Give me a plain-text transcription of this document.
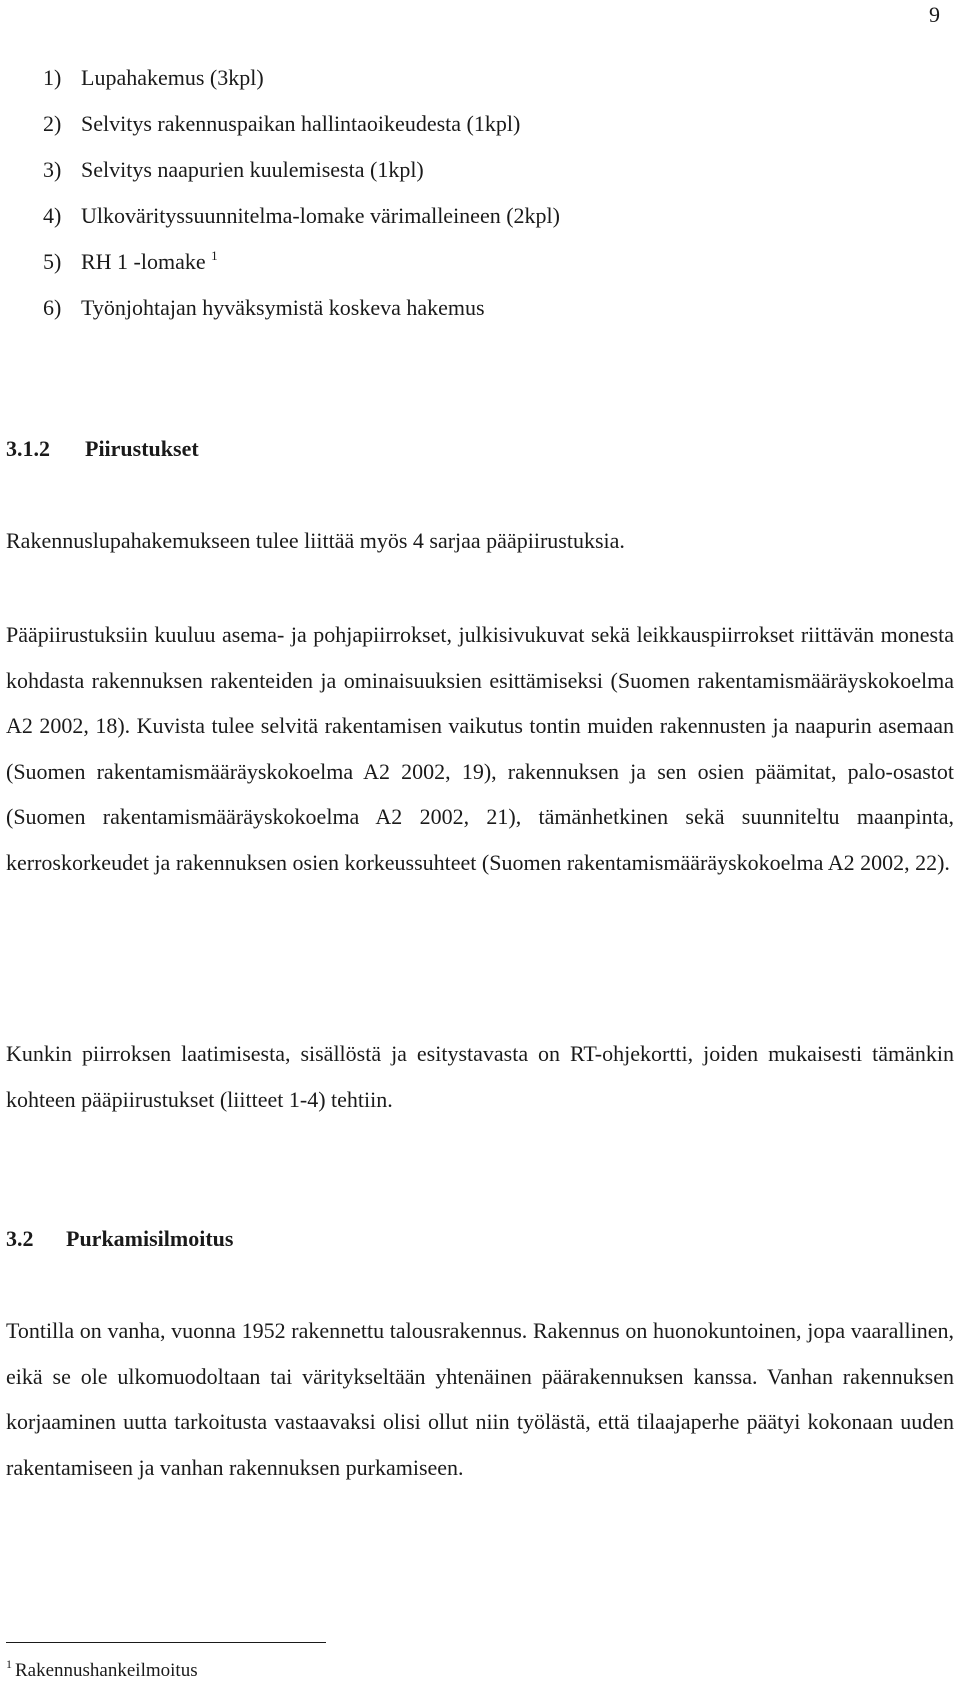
9
1) Lupahakemus (3kpl)
2) Selvitys rakennuspaikan hallintaoikeudesta (1kpl)
3) Selvitys naapurien kuulemisesta (1kpl)
4) Ulkovärityssuunnitelma-lomake värimalleineen (2kpl)
5) RH 1 -lomake $^1$
6) Työnjohtajan hyväksymistä koskeva hakemus
3.1.2 Piirustukset

Rakennuslupahakemukseen tulee liittää myös 4 sarjaa pääpiirustuksia.

Pääpiirustuksiin kuuluu asema- ja pohjapiirrokset, julkisivukuvat sekä leikkauspiirrokset riittävän monesta kohdasta rakennuksen rakenteiden ja ominaisuuksien esittämiseksi (Suomen rakentamismääräyskokoelma A2 2002, 18). Kuvista tulee selvitä rakentamisen vaikutus tontin muiden rakennusten ja naapurin asemaan (Suomen rakentamismääräyskokoelma A2 2002, 19), rakennuksen ja sen osien päämitat, palo-osastot (Suomen rakentamismääräyskokoelma A2 2002, 21), tämänhetkinen sekä suunniteltu maanpinta, kerroskorkeudet ja rakennuksen osien korkeussuhteet (Suomen rakentamismääräyskokoelma A2 2002, 22).

Kunkin piirroksen laatimisesta, sisällöstä ja esitystavasta on RT-ohjekortti, joiden mukaisesti tämänkin kohteen pääpiirustukset (liitteet 1-4) tehtiin.

3.2 Purkamisilmoitus

Tontilla on vanha, vuonna 1952 rakennettu talousrakennus. Rakennus on huonokuntoinen, jopa vaarallinen, eikä se ole ulkomuodoltaan tai väritykseltään yhtenäinen päärakennuksen kanssa. Vanhan rakennuksen korjaaminen uutta tarkoitusta vastaavaksi olisi ollut niin työlästä, että tilaajaperhe päätyi kokonaan uuden rakentamiseen ja vanhan rakennuksen purkamiseen.

$^1$ Rakennushankeilmoitus
